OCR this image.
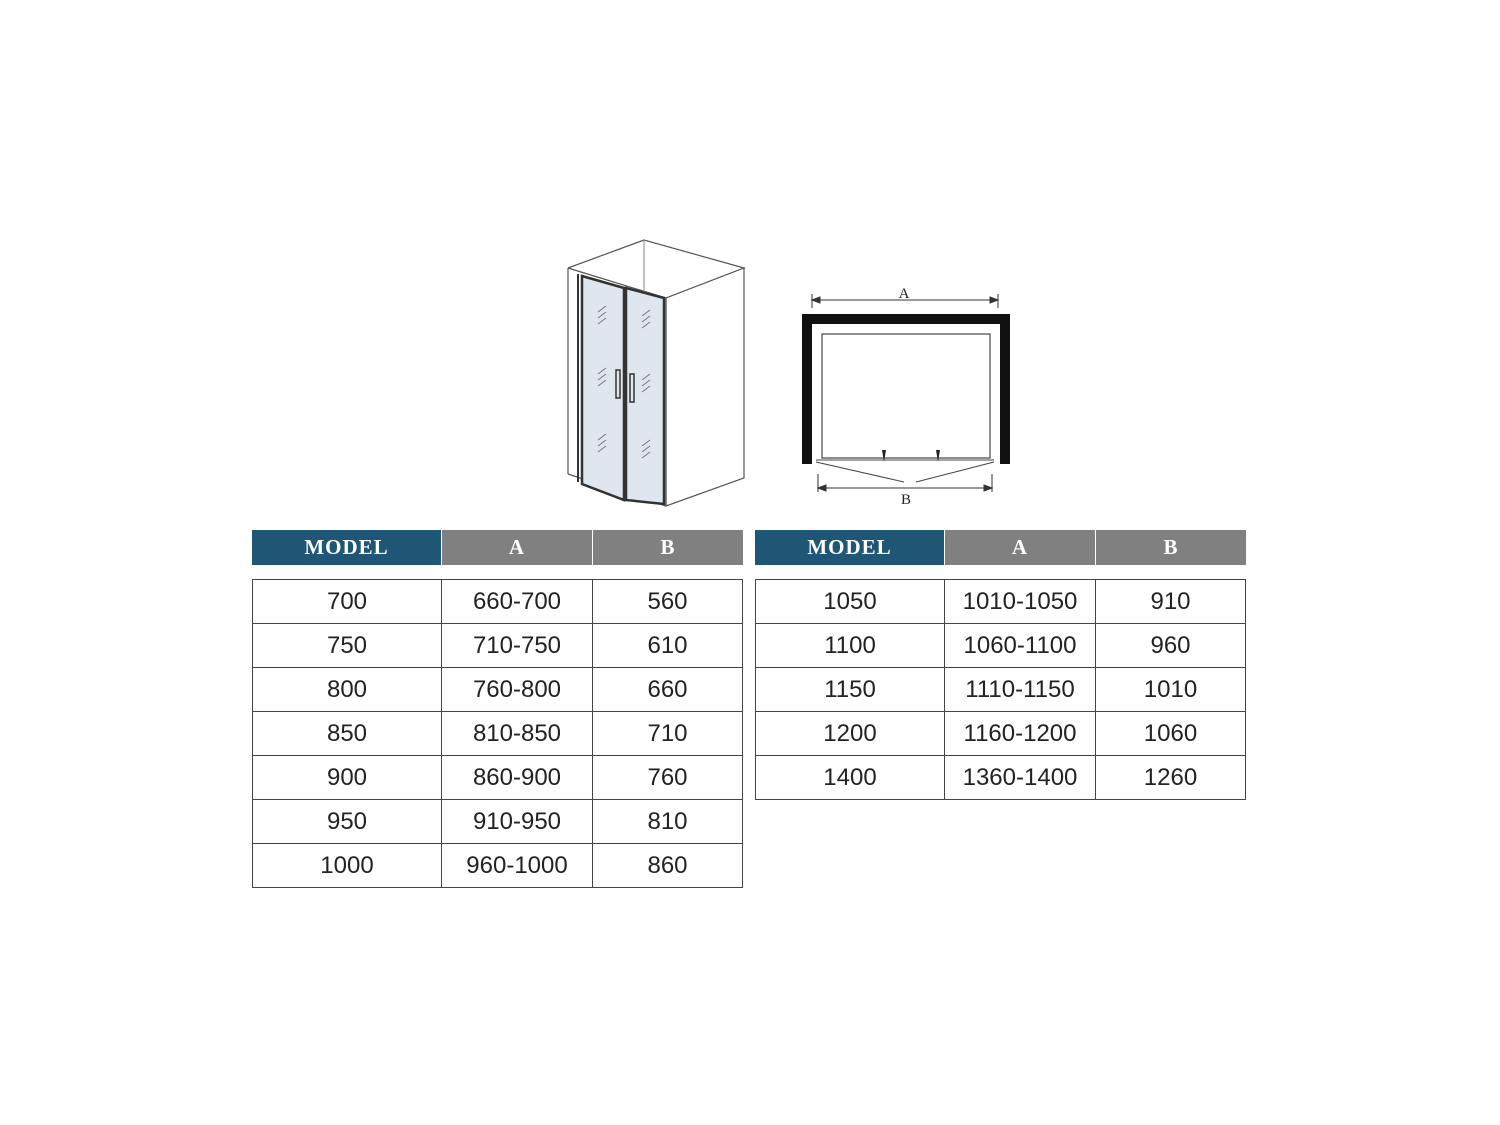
A
B
MODEL	A	B
700	660-700	560
750	710-750	610
800	760-800	660
850	810-850	710
900	860-900	760
950	910-950	810
1000	960-1000	860
MODEL	A	B
1050	1010-1050	910
1100	1060-1100	960
1150	1110-1150	1010
1200	1160-1200	1060
1400	1360-1400	1260
